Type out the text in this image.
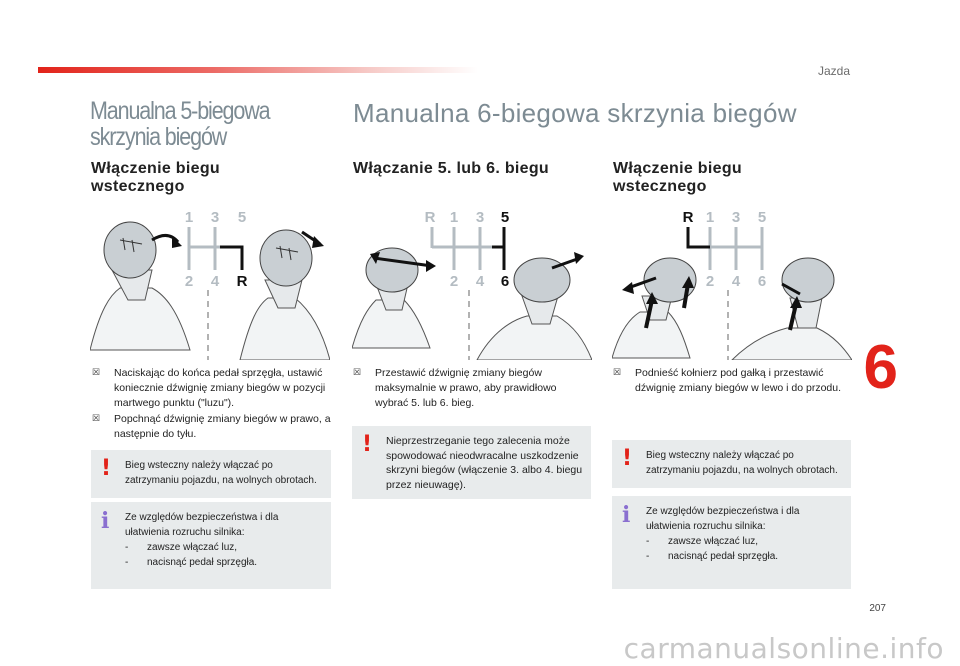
Jazda
6
207
carmanualsonline.info
Manualna 5-biegowa skrzynia biegów
Manualna 6-biegowa skrzynia biegów
Włączenie biegu wstecznego
1 3 5
2 4 R
☒ Naciskając do końca pedał sprzęgła, ustawić koniecznie dźwignię zmiany biegów w pozycji martwego punktu ("luzu").
☒ Popchnąć dźwignię zmiany biegów w prawo, a następnie do tyłu.
! Bieg wsteczny należy włączać po zatrzymaniu pojazdu, na wolnych obrotach.
i Ze względów bezpieczeństwa i dla ułatwienia rozruchu silnika:
-	zawsze włączać luz,
-	nacisnąć pedał sprzęgła.
Włączanie 5. lub 6. biegu
R 1 3 5
2 4 6
☒ Przestawić dźwignię zmiany biegów maksymalnie w prawo, aby prawidłowo wybrać 5. lub 6. bieg.
! Nieprzestrzeganie tego zalecenia może spowodować nieodwracalne uszkodzenie skrzyni biegów (włączenie 3. albo 4. biegu przez nieuwagę).
Włączenie biegu wstecznego
R 1 3 5
2 4 6
☒ Podnieść kołnierz pod gałką i przestawić dźwignię zmiany biegów w lewo i do przodu.
! Bieg wsteczny należy włączać po zatrzymaniu pojazdu, na wolnych obrotach.
i Ze względów bezpieczeństwa i dla ułatwienia rozruchu silnika:
-	zawsze włączać luz,
-	nacisnąć pedał sprzęgła.
